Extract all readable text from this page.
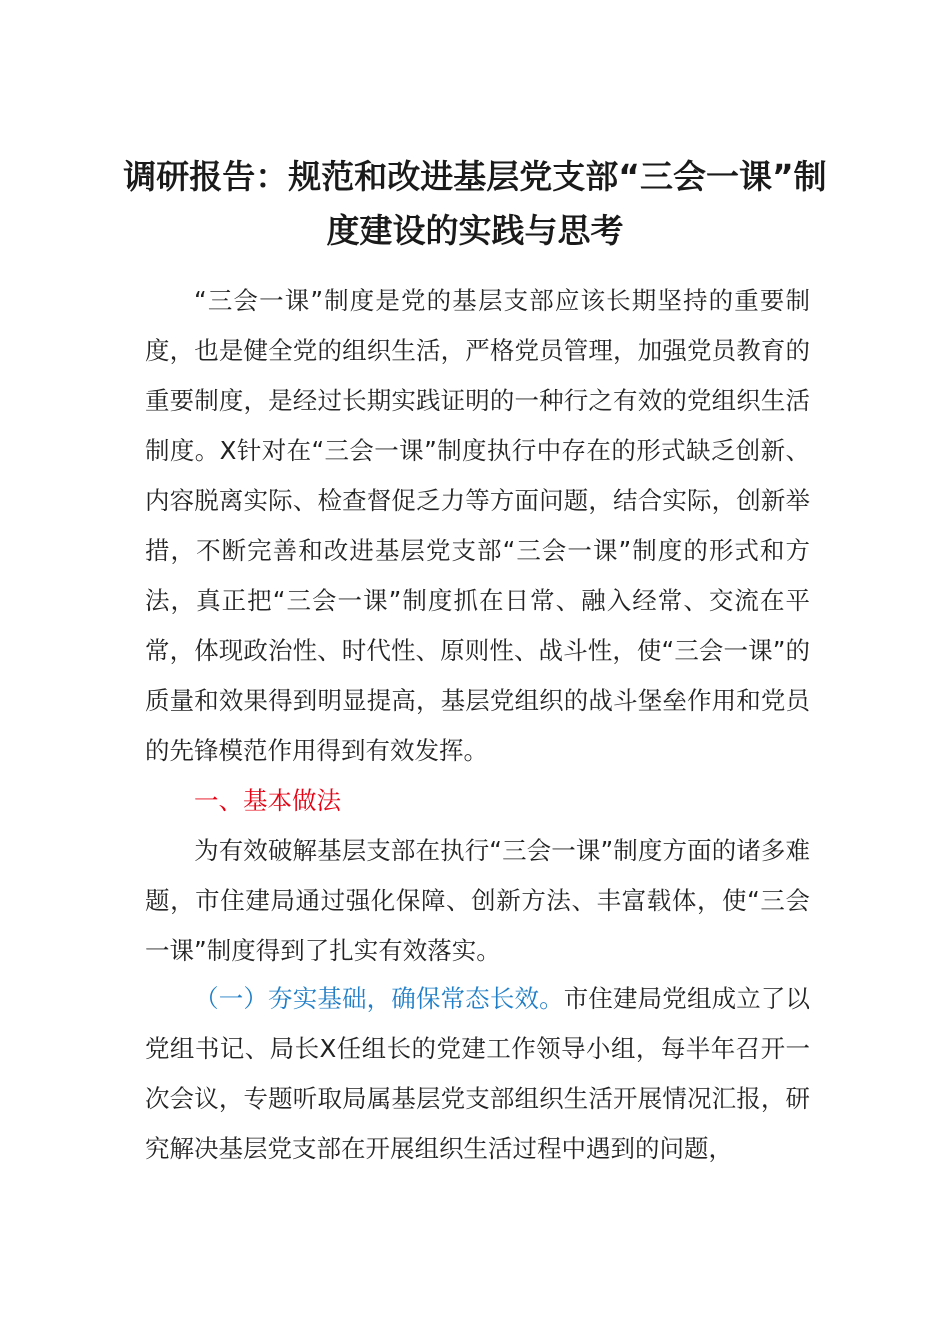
调研报告：规范和改进基层党支部“三会一课”制度建设的实践与思考
“三会一课”制度是党的基层支部应该长期坚持的重要制度，也是健全党的组织生活，严格党员管理，加强党员教育的重要制度，是经过长期实践证明的一种行之有效的党组织生活制度。X针对在“三会一课”制度执行中存在的形式缺乏创新、内容脱离实际、检查督促乏力等方面问题，结合实际，创新举措，不断完善和改进基层党支部“三会一课”制度的形式和方法，真正把“三会一课”制度抓在日常、融入经常、交流在平常，体现政治性、时代性、原则性、战斗性，使“三会一课”的质量和效果得到明显提高，基层党组织的战斗堡垒作用和党员的先锋模范作用得到有效发挥。
一、基本做法
为有效破解基层支部在执行“三会一课”制度方面的诸多难题，市住建局通过强化保障、创新方法、丰富载体，使“三会一课”制度得到了扎实有效落实。
（一）夯实基础，确保常态长效。市住建局党组成立了以党组书记、局长X任组长的党建工作领导小组，每半年召开一次会议，专题听取局属基层党支部组织生活开展情况汇报，研究解决基层党支部在开展组织生活过程中遇到的问题，
